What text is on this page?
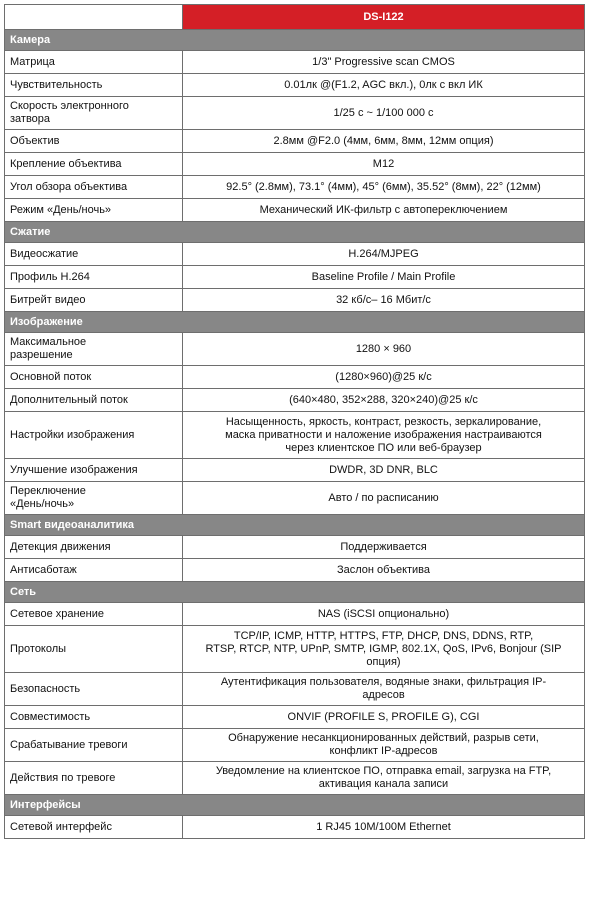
	DS-I122
Камера	

Матрица	1/3" Progressive scan CMOS

Чувствительность	0.01лк @(F1.2, AGC вкл.), 0лк с вкл ИК

Скорость электронного
затвора	1/25 с ~ 1/100 000 с

Объектив	2.8мм @F2.0 (4мм, 6мм, 8мм, 12мм опция)

Крепление объектива	M12

Угол обзора объектива	92.5° (2.8мм), 73.1° (4мм), 45° (6мм), 35.52° (8мм), 22° (12мм)

Режим «День/ночь»	Механический ИК-фильтр с автопереключением

Сжатие	

Видеосжатие	H.264/MJPEG

Профиль H.264	Baseline Profile / Main Profile

Битрейт видео	32 кб/с– 16 Мбит/с

Изображение	

Максимальное
разрешение	1280 × 960

Основной поток	(1280×960)@25 к/с

Дополнительный поток	(640×480, 352×288, 320×240)@25 к/с

Настройки изображения	Насыщенность, яркость, контраст, резкость, зеркалирование,
маска приватности и наложение изображения настраиваются
через клиентское ПО или веб-браузер

Улучшение изображения	DWDR, 3D DNR, BLC

Переключение
«День/ночь»	Авто / по расписанию

Smart видеоаналитика	

Детекция движения	Поддерживается

Антисаботаж	Заслон объектива

Сеть	

Сетевое хранение	NAS (iSCSI опционально)

Протоколы	TCP/IP, ICMP, HTTP, HTTPS, FTP, DHCP, DNS, DDNS, RTP,
RTSP, RTCP, NTP, UPnP, SMTP, IGMP, 802.1X, QoS, IPv6, Bonjour (SIP
опция)

Безопасность	Аутентификация пользователя, водяные знаки, фильтрация IP-
адресов

Совместимость	ONVIF (PROFILE S, PROFILE G), CGI

Срабатывание тревоги	Обнаружение несанкционированных действий, разрыв сети,
конфликт IP-адресов

Действия по тревоге	Уведомление на клиентское ПО, отправка email, загрузка на FTP,
активация канала записи

Интерфейсы	

Сетевой интерфейс	1 RJ45 10M/100M Ethernet
